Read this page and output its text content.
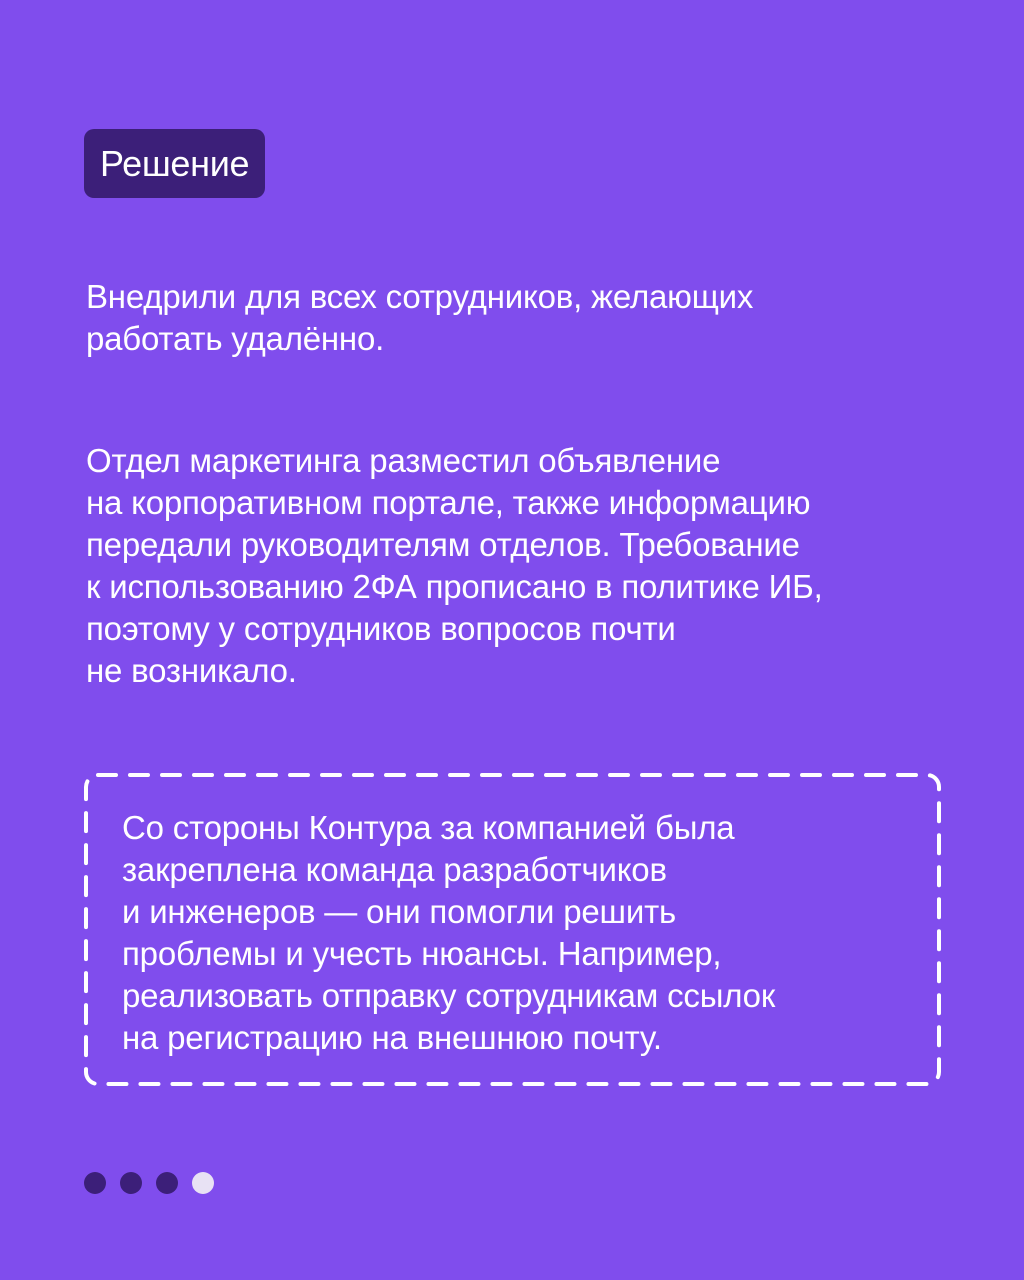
Решение

Внедрили для всех сотрудников, желающих
работать удалённо.

Отдел маркетинга разместил объявление
на корпоративном портале, также информацию
передали руководителям отделов. Требование
к использованию 2ФА прописано в политике ИБ,
поэтому у сотрудников вопросов почти
не возникало.

Со стороны Контура за компанией была
закреплена команда разработчиков
и инженеров — они помогли решить
проблемы и учесть нюансы. Например,
реализовать отправку сотрудникам ссылок
на регистрацию на внешнюю почту.
